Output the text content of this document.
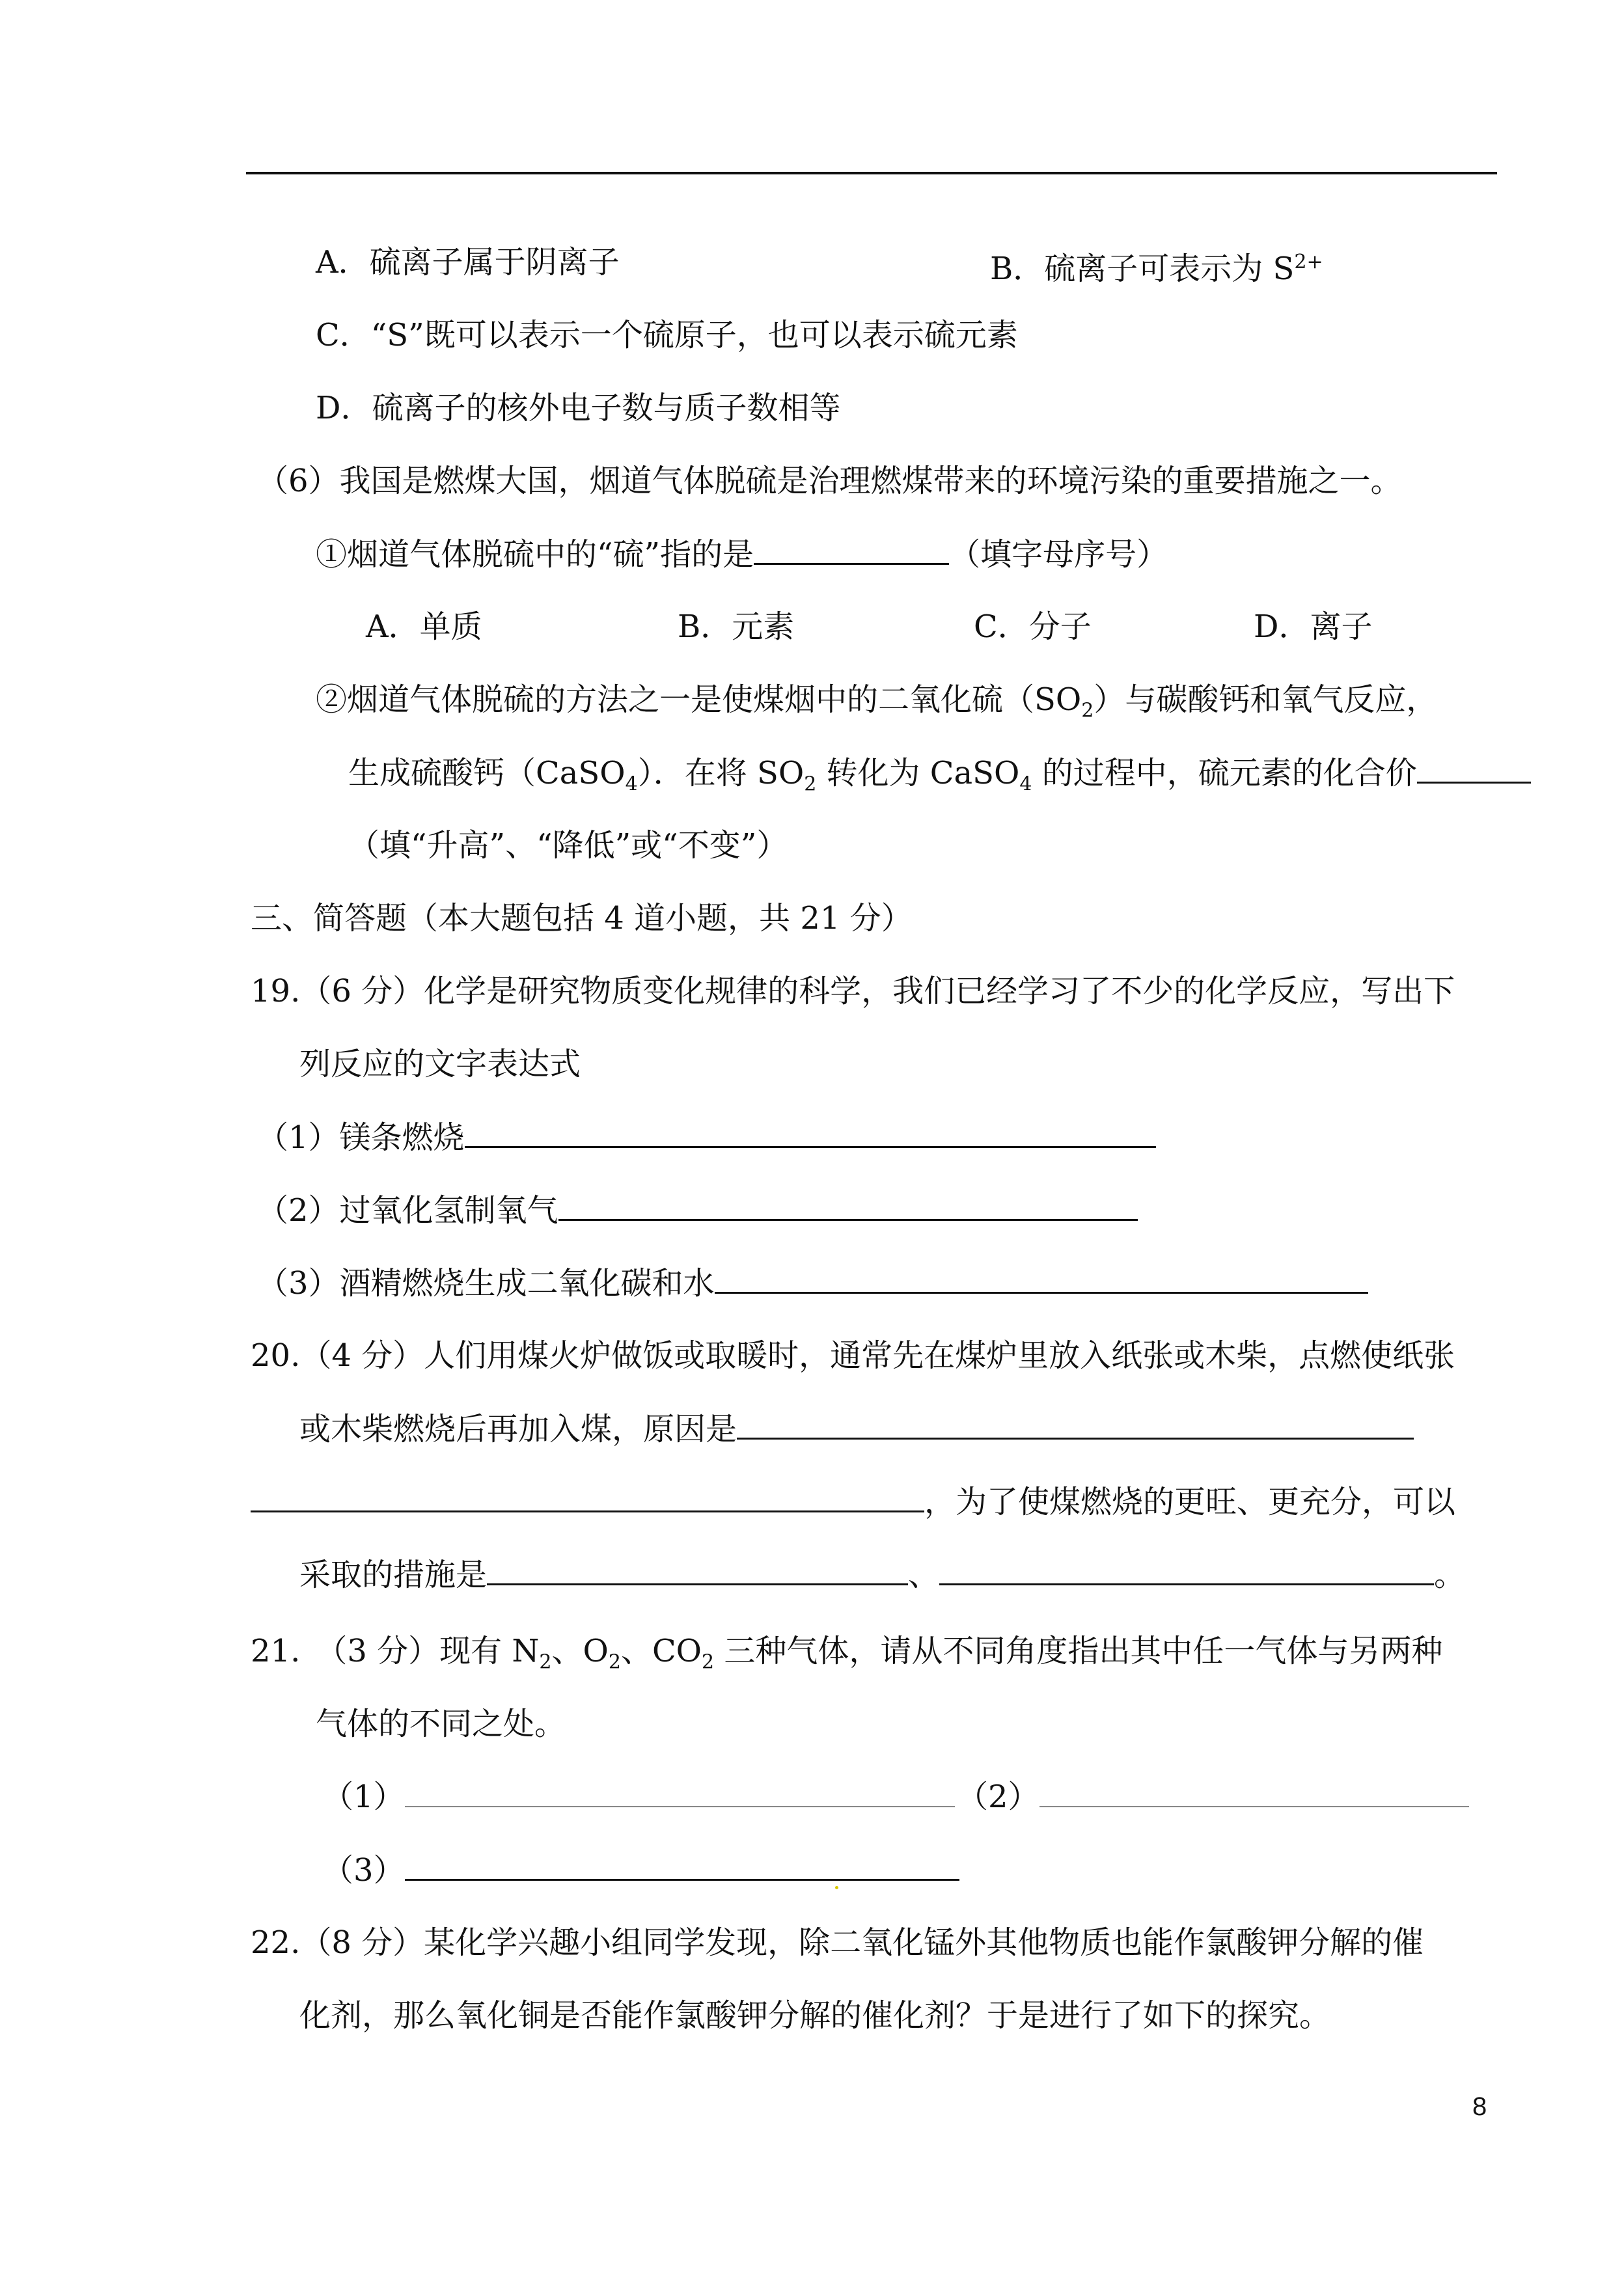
A．硫离子属于阴离子	B．硫离子可表示为 $S^{2+}$
C．“S”既可以表示一个硫原子，也可以表示硫元素
D．硫离子的核外电子数与质子数相等
（6）我国是燃煤大国，烟道气体脱硫是治理燃煤带来的环境污染的重要措施之一。
①烟道气体脱硫中的“硫”指的是	（填字母序号）
A．单质	B．元素	C．分子	D．离子
②烟道气体脱硫的方法之一是使煤烟中的二氧化硫$(SO_2)$与碳酸钙和氧气反应，
生成硫酸钙（CaSO$_4$）．在将 $SO_2$ 转化为 CaSO$_4$ 的过程中，硫元素的化合价
（填“升高”、“降低”或“不变”）
三、简答题（本大题包括 4 道小题，共 21 分）
19.（6 分）化学是研究物质变化规律的科学，我们已经学习了不少的化学反应，写出下
列反应的文字表达式
（1）镁条燃烧
（2）过氧化氢制氧气
（3）酒精燃烧生成二氧化碳和水
20.（4 分）人们用煤火炉做饭或取暖时，通常先在煤炉里放入纸张或木柴，点燃使纸张
或木柴燃烧后再加入煤，原因是
，为了使煤燃烧的更旺、更充分，可以
采取的措施是	、	。
21.　（3 分）现有 $N_2$、$O_2$、$CO_2$ 三种气体，请从不同角度指出其中任一气体与另两种
气体的不同之处。
（1）	（2）
（3）
22.（8 分）某化学兴趣小组同学发现，除二氧化锰外其他物质也能作氯酸钾分解的催
化剂，那么氧化铜是否能作氯酸钾分解的催化剂？于是进行了如下的探究。
8
